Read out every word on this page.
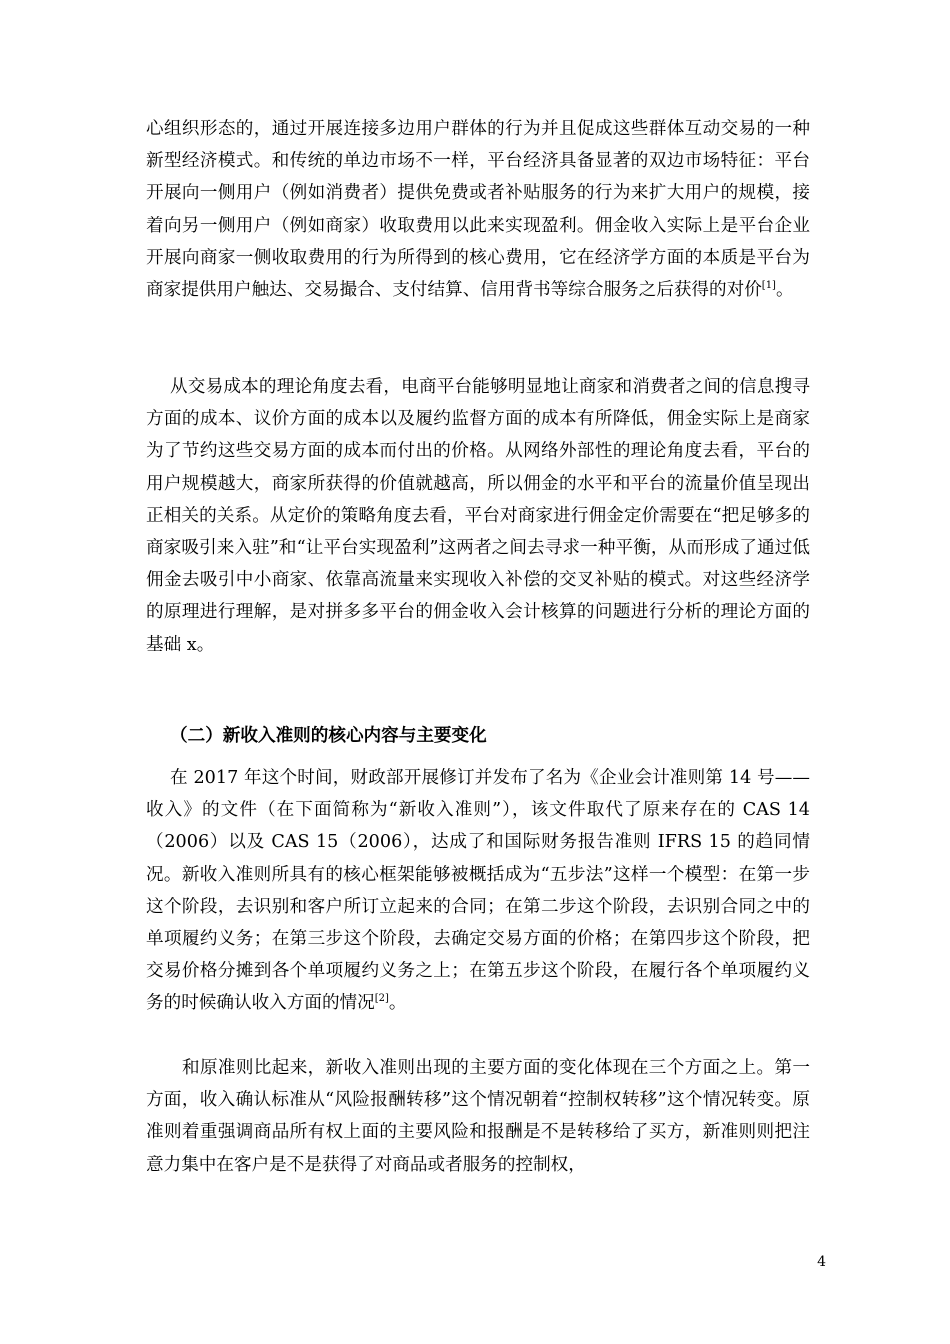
心组织形态的，通过开展连接多边用户群体的行为并且促成这些群体互动交易的一种新型经济模式。和传统的单边市场不一样，平台经济具备显著的双边市场特征：平台开展向一侧用户（例如消费者）提供免费或者补贴服务的行为来扩大用户的规模，接着向另一侧用户（例如商家）收取费用以此来实现盈利。佣金收入实际上是平台企业开展向商家一侧收取费用的行为所得到的核心费用，它在经济学方面的本质是平台为商家提供用户触达、交易撮合、支付结算、信用背书等综合服务之后获得的对价[1]。

从交易成本的理论角度去看，电商平台能够明显地让商家和消费者之间的信息搜寻方面的成本、议价方面的成本以及履约监督方面的成本有所降低，佣金实际上是商家为了节约这些交易方面的成本而付出的价格。从网络外部性的理论角度去看，平台的用户规模越大，商家所获得的价值就越高，所以佣金的水平和平台的流量价值呈现出正相关的关系。从定价的策略角度去看，平台对商家进行佣金定价需要在“把足够多的商家吸引来入驻”和“让平台实现盈利”这两者之间去寻求一种平衡，从而形成了通过低佣金去吸引中小商家、依靠高流量来实现收入补偿的交叉补贴的模式。对这些经济学的原理进行理解，是对拼多多平台的佣金收入会计核算的问题进行分析的理论方面的基础 x。

（二）新收入准则的核心内容与主要变化

在 2017 年这个时间，财政部开展修订并发布了名为《企业会计准则第 14 号——收入》的文件（在下面简称为“新收入准则”），该文件取代了原来存在的 CAS 14（2006）以及 CAS 15（2006），达成了和国际财务报告准则 IFRS 15 的趋同情况。新收入准则所具有的核心框架能够被概括成为“五步法”这样一个模型：在第一步这个阶段，去识别和客户所订立起来的合同；在第二步这个阶段，去识别合同之中的单项履约义务；在第三步这个阶段，去确定交易方面的价格；在第四步这个阶段，把交易价格分摊到各个单项履约义务之上；在第五步这个阶段，在履行各个单项履约义务的时候确认收入方面的情况[2]。

和原准则比起来，新收入准则出现的主要方面的变化体现在三个方面之上。第一方面，收入确认标准从“风险报酬转移”这个情况朝着“控制权转移”这个情况转变。原准则着重强调商品所有权上面的主要风险和报酬是不是转移给了买方，新准则则把注意力集中在客户是不是获得了对商品或者服务的控制权，

4
